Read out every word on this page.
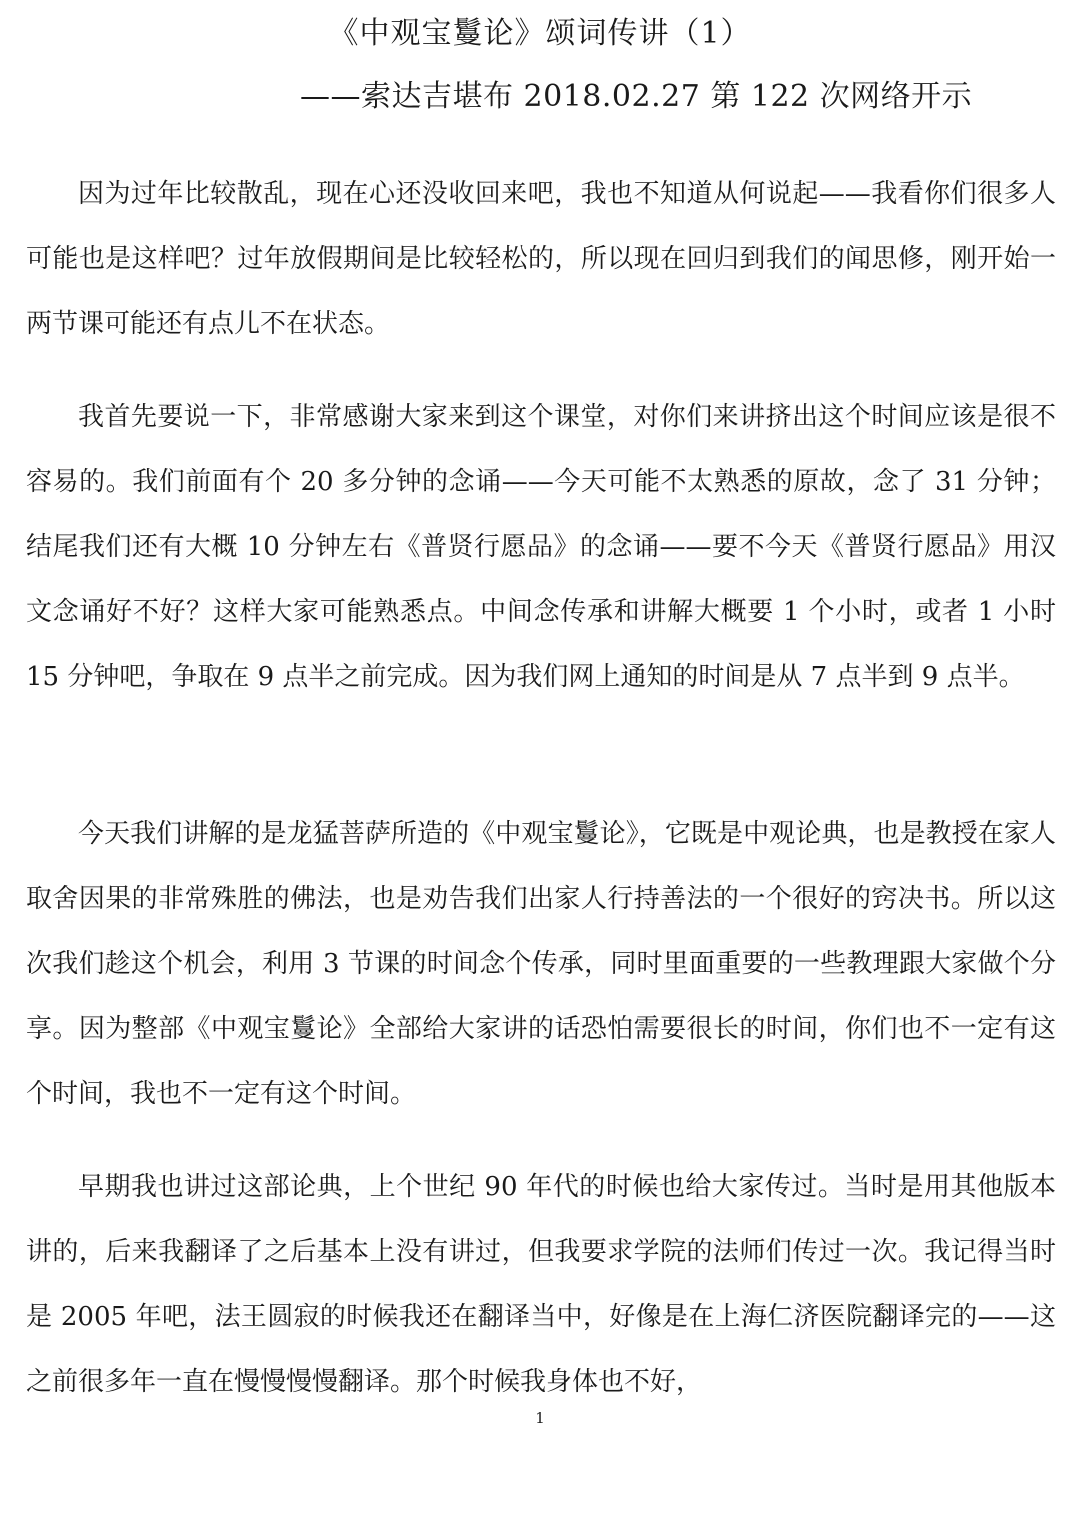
《中观宝鬘论》颂词传讲（1）
——索达吉堪布 2018.02.27 第 122 次网络开示

因为过年比较散乱，现在心还没收回来吧，我也不知道从何说起——我看你们很多人可能也是这样吧？过年放假期间是比较轻松的，所以现在回归到我们的闻思修，刚开始一两节课可能还有点儿不在状态。

我首先要说一下，非常感谢大家来到这个课堂，对你们来讲挤出这个时间应该是很不容易的。我们前面有个 20 多分钟的念诵——今天可能不太熟悉的原故，念了 31 分钟；结尾我们还有大概 10 分钟左右《普贤行愿品》的念诵——要不今天《普贤行愿品》用汉文念诵好不好？这样大家可能熟悉点。中间念传承和讲解大概要 1 个小时，或者 1 小时 15 分钟吧，争取在 9 点半之前完成。因为我们网上通知的时间是从 7 点半到 9 点半。

今天我们讲解的是龙猛菩萨所造的《中观宝鬘论》，它既是中观论典，也是教授在家人取舍因果的非常殊胜的佛法，也是劝告我们出家人行持善法的一个很好的窍决书。所以这次我们趁这个机会，利用 3 节课的时间念个传承，同时里面重要的一些教理跟大家做个分享。因为整部《中观宝鬘论》全部给大家讲的话恐怕需要很长的时间，你们也不一定有这个时间，我也不一定有这个时间。

早期我也讲过这部论典，上个世纪 90 年代的时候也给大家传过。当时是用其他版本讲的，后来我翻译了之后基本上没有讲过，但我要求学院的法师们传过一次。我记得当时是 2005 年吧，法王圆寂的时候我还在翻译当中，好像是在上海仁济医院翻译完的——这之前很多年一直在慢慢慢慢翻译。那个时候我身体也不好，

1
